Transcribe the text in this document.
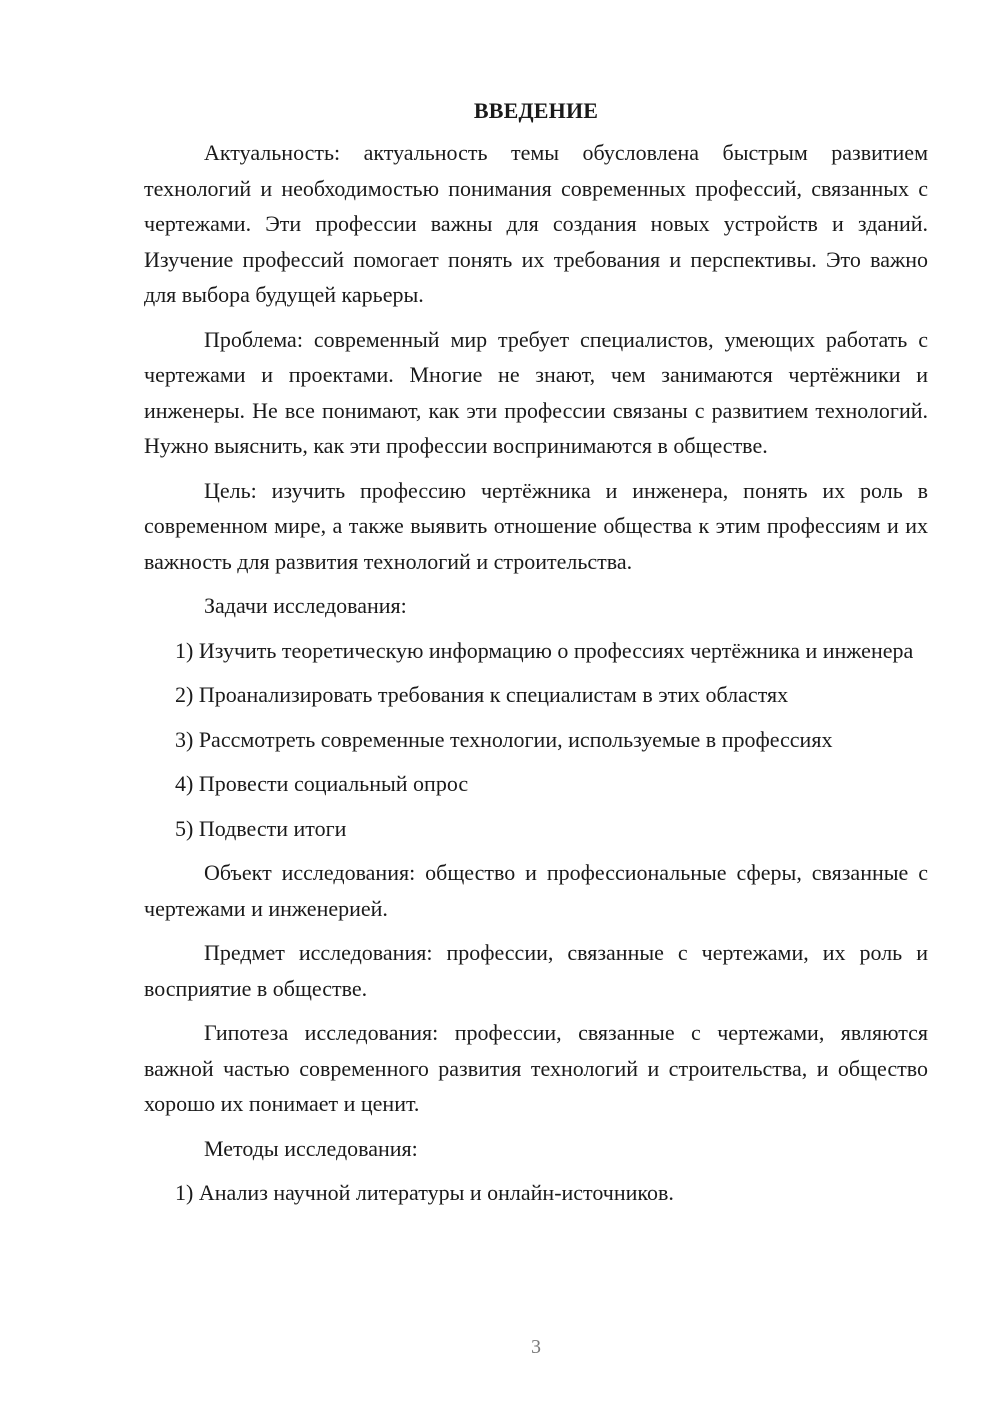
ВВЕДЕНИЕ

Актуальность: актуальность темы обусловлена быстрым развитием технологий и необходимостью понимания современных профессий, связанных с чертежами. Эти профессии важны для создания новых устройств и зданий. Изучение профессий помогает понять их требования и перспективы. Это важно для выбора будущей карьеры.

Проблема: современный мир требует специалистов, умеющих работать с чертежами и проектами. Многие не знают, чем занимаются чертёжники и инженеры. Не все понимают, как эти профессии связаны с развитием технологий. Нужно выяснить, как эти профессии воспринимаются в обществе.

Цель: изучить профессию чертёжника и инженера, понять их роль в современном мире, а также выявить отношение общества к этим профессиям и их важность для развития технологий и строительства.

Задачи исследования:

1) Изучить теоретическую информацию о профессиях чертёжника и инженера

2) Проанализировать требования к специалистам в этих областях

3) Рассмотреть современные технологии, используемые в профессиях

4) Провести социальный опрос

5) Подвести итоги

Объект исследования: общество и профессиональные сферы, связанные с чертежами и инженерией.

Предмет исследования: профессии, связанные с чертежами, их роль и восприятие в обществе.

Гипотеза исследования: профессии, связанные с чертежами, являются важной частью современного развития технологий и строительства, и общество хорошо их понимает и ценит.

Методы исследования:

1) Анализ научной литературы и онлайн-источников.

3
